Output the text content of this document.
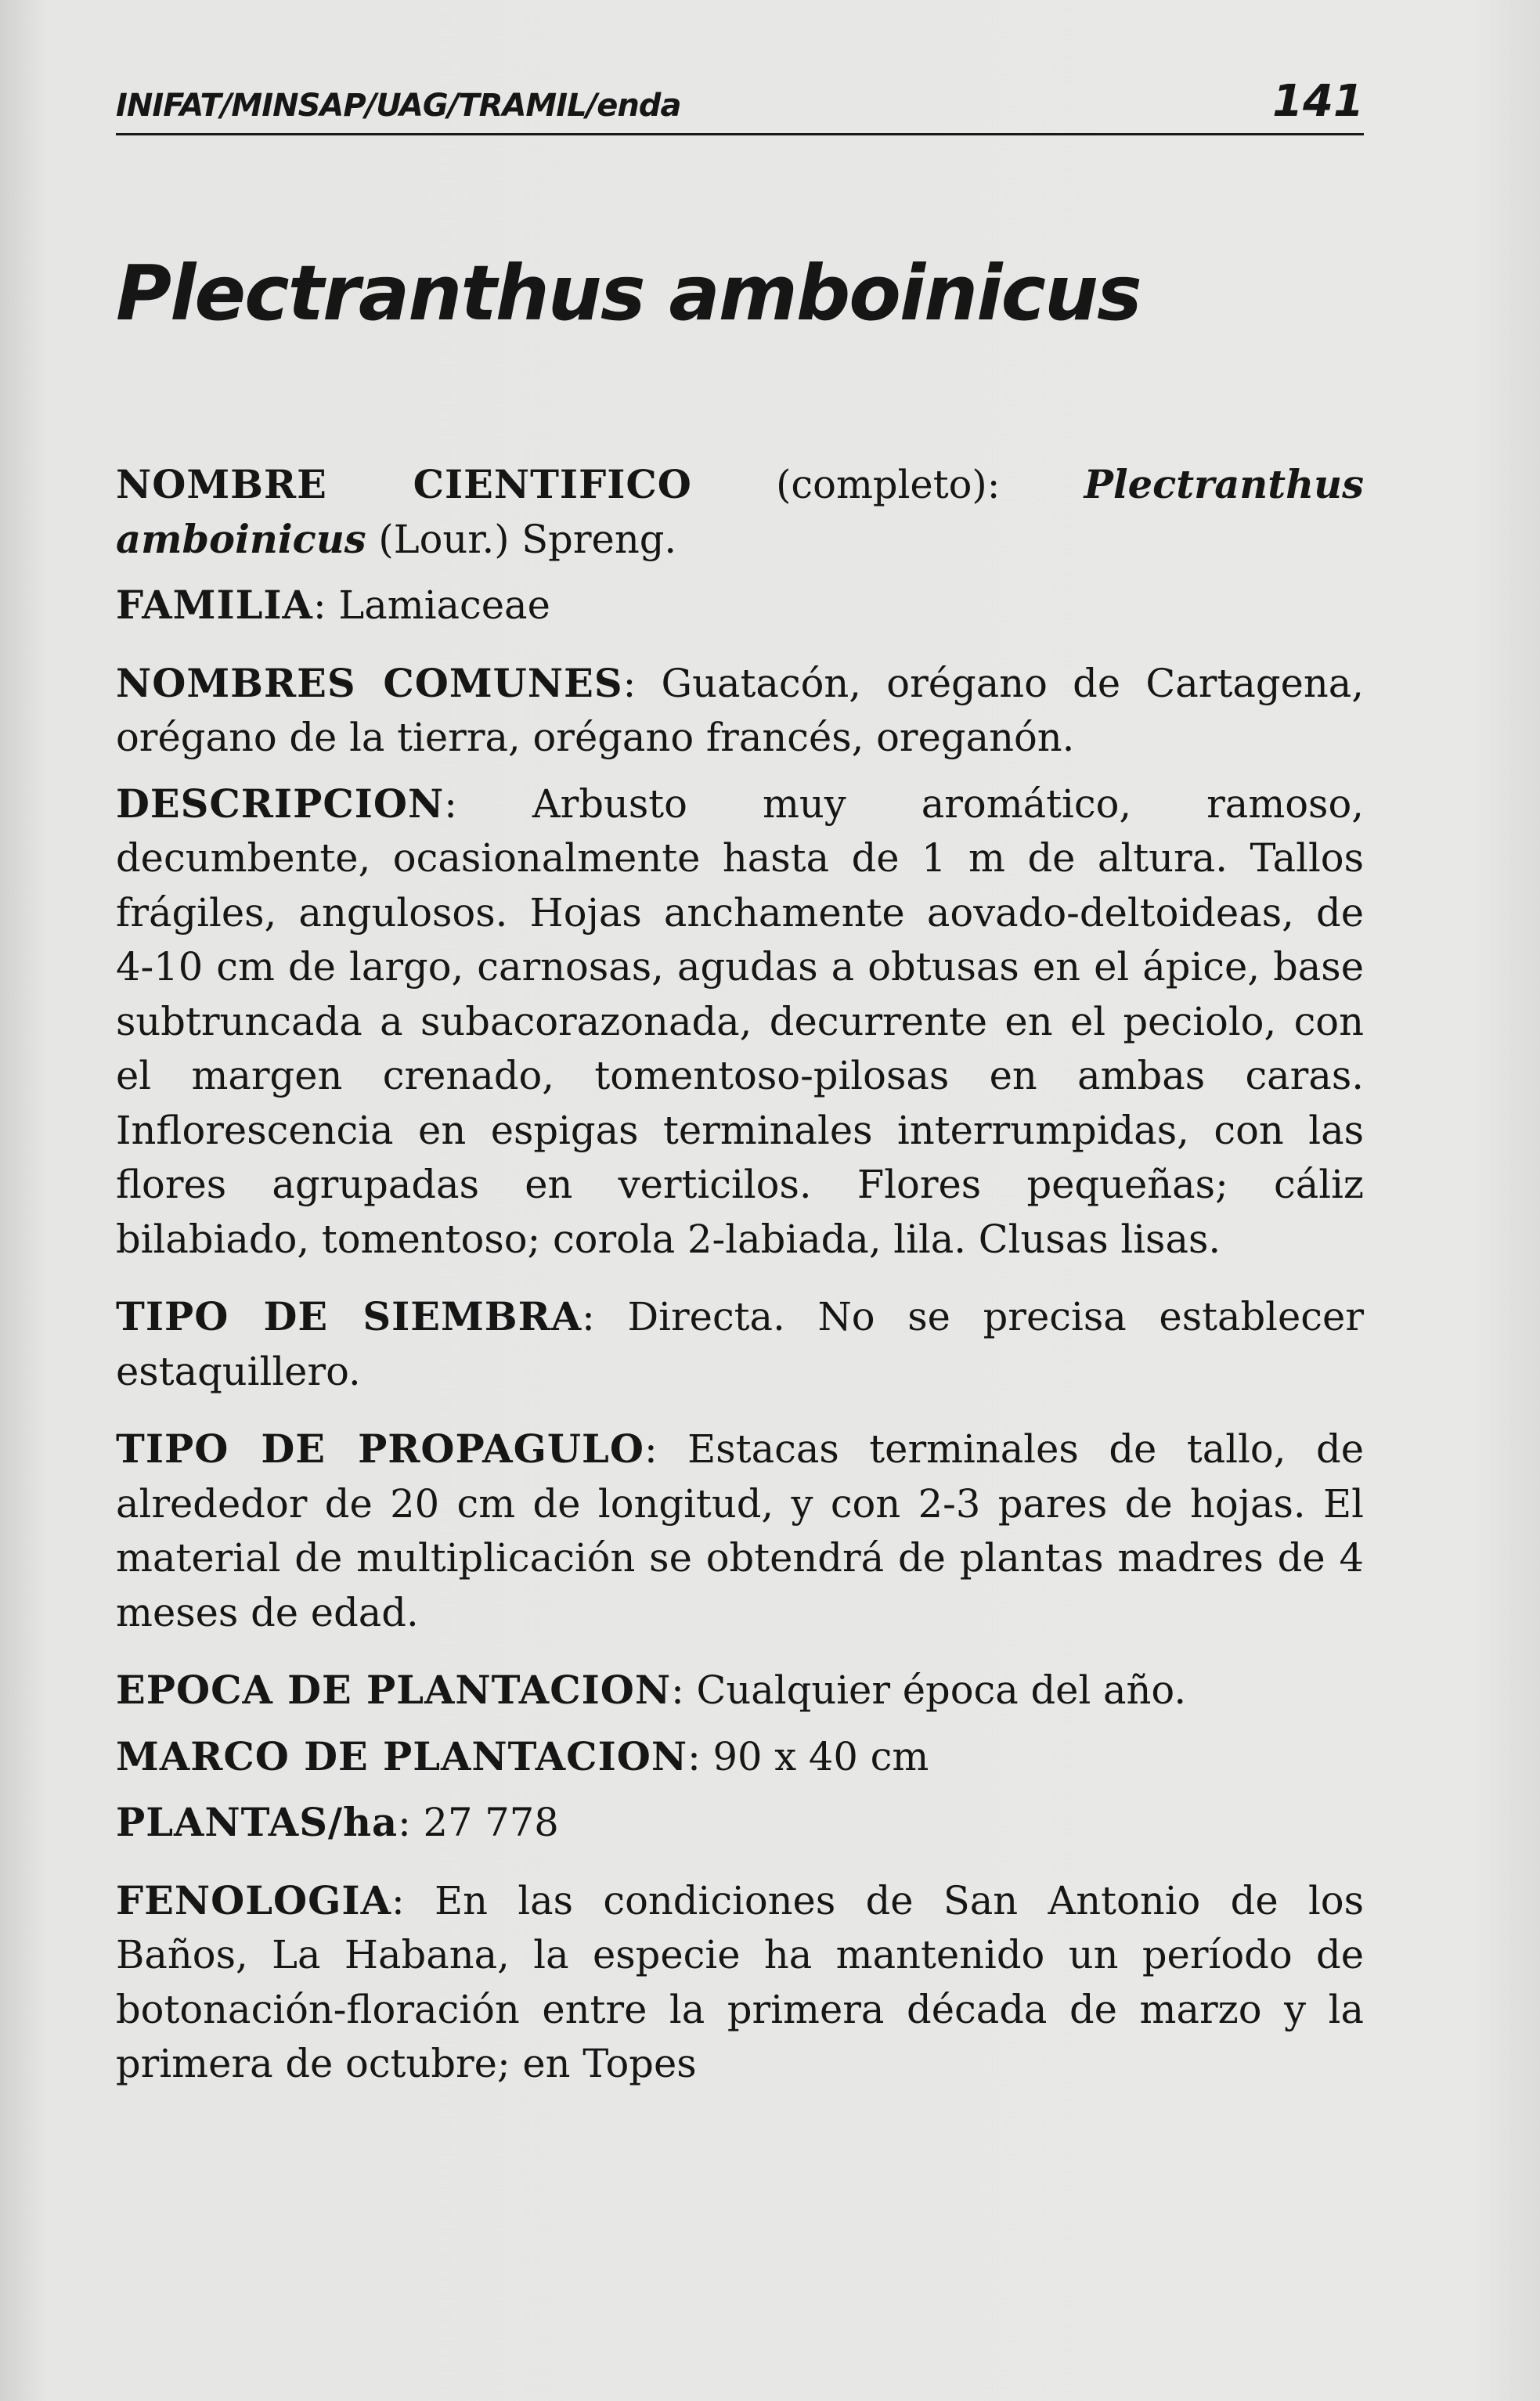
INIFAT/MINSAP/UAG/TRAMIL/enda	141
Plectranthus amboinicus

NOMBRE CIENTIFICO (completo): Plectranthus amboinicus (Lour.) Spreng.

FAMILIA: Lamiaceae

NOMBRES COMUNES: Guatacón, orégano de Cartagena, orégano de la tierra, orégano francés, oreganón.

DESCRIPCION: Arbusto muy aromático, ramoso, decumbente, ocasionalmente hasta de 1 m de altura. Tallos frágiles, angulosos. Hojas anchamente aovado-deltoideas, de 4-10 cm de largo, carnosas, agudas a obtusas en el ápice, base subtruncada a subacorazonada, decurrente en el peciolo, con el margen crenado, tomentoso-pilosas en ambas caras. Inflorescencia en espigas terminales interrumpidas, con las flores agrupadas en verticilos. Flores pequeñas; cáliz bilabiado, tomentoso; corola 2-labiada, lila. Clusas lisas.

TIPO DE SIEMBRA: Directa. No se precisa establecer estaquillero.

TIPO DE PROPAGULO: Estacas terminales de tallo, de alrededor de 20 cm de longitud, y con 2-3 pares de hojas. El material de multiplicación se obtendrá de plantas madres de 4 meses de edad.

EPOCA DE PLANTACION: Cualquier época del año.

MARCO DE PLANTACION: 90 x 40 cm

PLANTAS/ha: 27 778

FENOLOGIA: En las condiciones de San Antonio de los Baños, La Habana, la especie ha mantenido un período de botonación-floración entre la primera década de marzo y la primera de octubre; en Topes
